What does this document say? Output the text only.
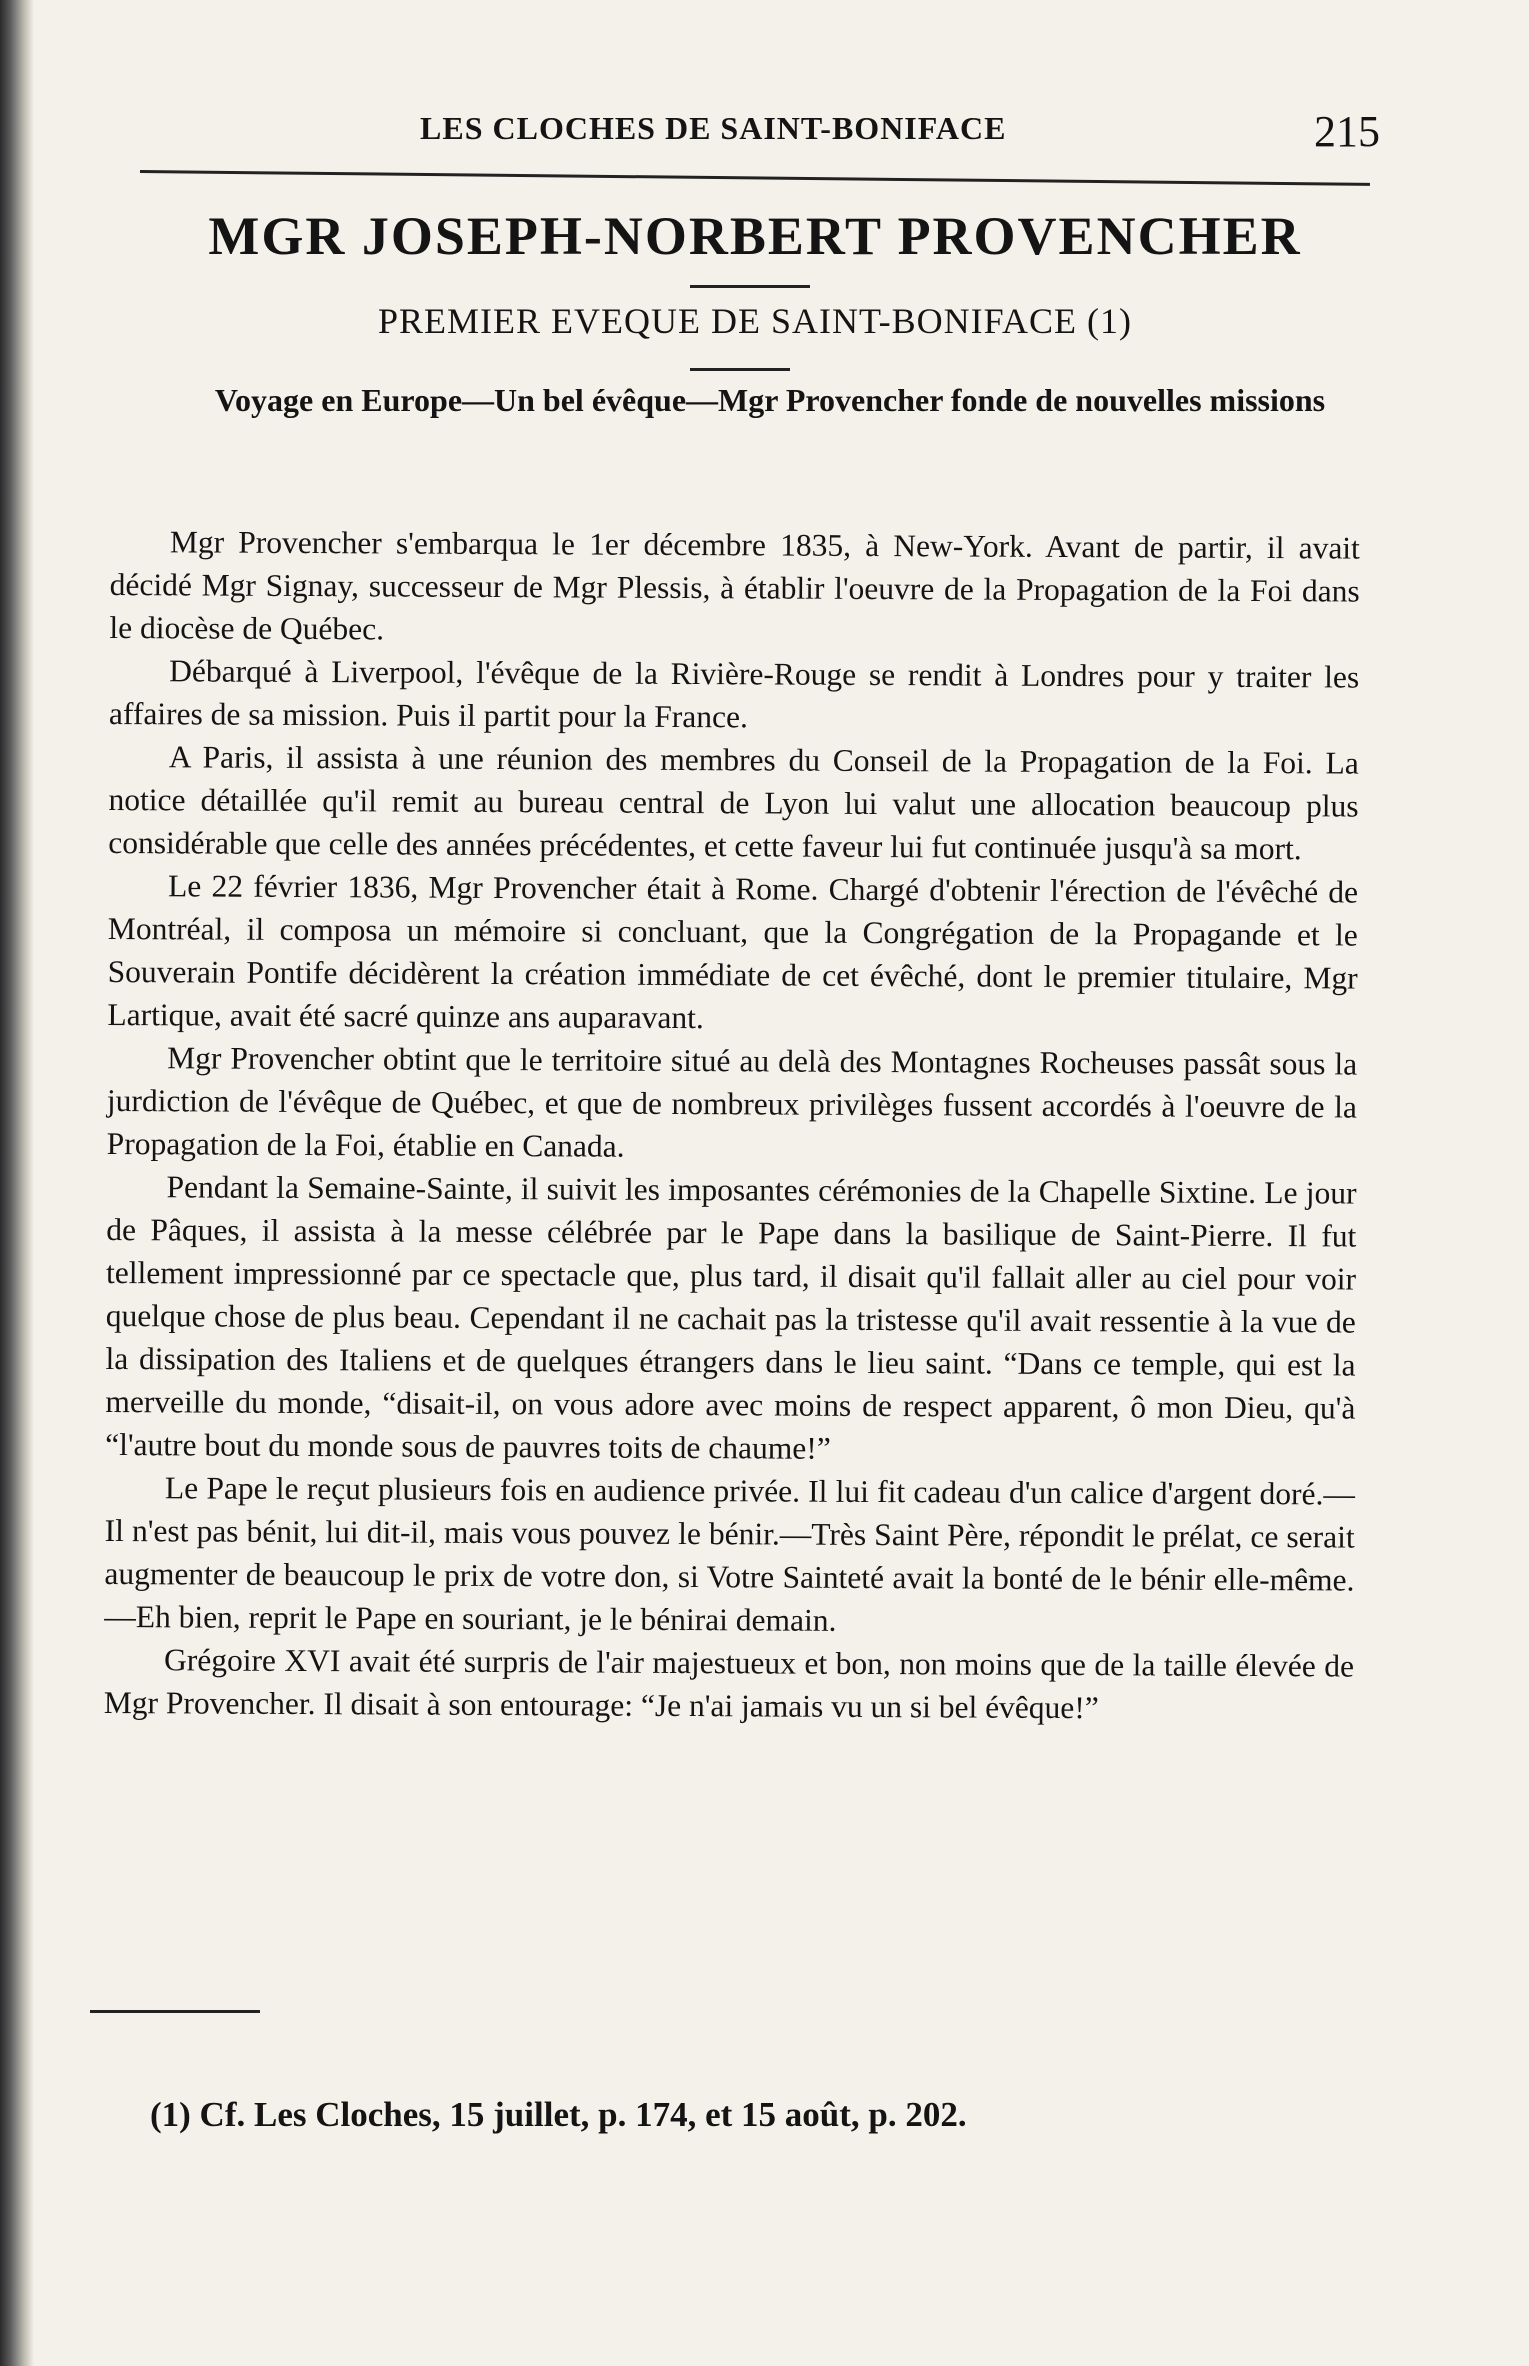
LES CLOCHES DE SAINT-BONIFACE	215
MGR JOSEPH-NORBERT PROVENCHER
PREMIER EVEQUE DE SAINT-BONIFACE (1)
Voyage en Europe—Un bel évêque—Mgr Provencher fonde de nouvelles missions

Mgr Provencher s'embarqua le 1er décembre 1835, à New-York. Avant de partir, il avait décidé Mgr Signay, successeur de Mgr Plessis, à établir l'oeuvre de la Propagation de la Foi dans le diocèse de Québec.

Débarqué à Liverpool, l'évêque de la Rivière-Rouge se rendit à Londres pour y traiter les affaires de sa mission. Puis il partit pour la France.

A Paris, il assista à une réunion des membres du Conseil de la Propagation de la Foi. La notice détaillée qu'il remit au bureau central de Lyon lui valut une allocation beaucoup plus considérable que celle des années précédentes, et cette faveur lui fut continuée jusqu'à sa mort.

Le 22 février 1836, Mgr Provencher était à Rome. Chargé d'obtenir l'érection de l'évêché de Montréal, il composa un mémoire si concluant, que la Congrégation de la Propagande et le Souverain Pontife décidèrent la création immédiate de cet évêché, dont le premier titulaire, Mgr Lartique, avait été sacré quinze ans auparavant.

Mgr Provencher obtint que le territoire situé au delà des Montagnes Rocheuses passât sous la jurdiction de l'évêque de Québec, et que de nombreux privilèges fussent accordés à l'oeuvre de la Propagation de la Foi, établie en Canada.

Pendant la Semaine-Sainte, il suivit les imposantes cérémonies de la Chapelle Sixtine. Le jour de Pâques, il assista à la messe célébrée par le Pape dans la basilique de Saint-Pierre. Il fut tellement impressionné par ce spectacle que, plus tard, il disait qu'il fallait aller au ciel pour voir quelque chose de plus beau. Cependant il ne cachait pas la tristesse qu'il avait ressentie à la vue de la dissipation des Italiens et de quelques étrangers dans le lieu saint. “Dans ce temple, qui est la merveille du monde, “disait-il, on vous adore avec moins de respect apparent, ô mon Dieu, qu'à “l'autre bout du monde sous de pauvres toits de chaume!”

Le Pape le reçut plusieurs fois en audience privée. Il lui fit cadeau d'un calice d'argent doré.—Il n'est pas bénit, lui dit-il, mais vous pouvez le bénir.—Très Saint Père, répondit le prélat, ce serait augmenter de beaucoup le prix de votre don, si Votre Sainteté avait la bonté de le bénir elle-même.—Eh bien, reprit le Pape en souriant, je le bénirai demain.

Grégoire XVI avait été surpris de l'air majestueux et bon, non moins que de la taille élevée de Mgr Provencher. Il disait à son entourage: “Je n'ai jamais vu un si bel évêque!”

(1) Cf. Les Cloches, 15 juillet, p. 174, et 15 août, p. 202.
